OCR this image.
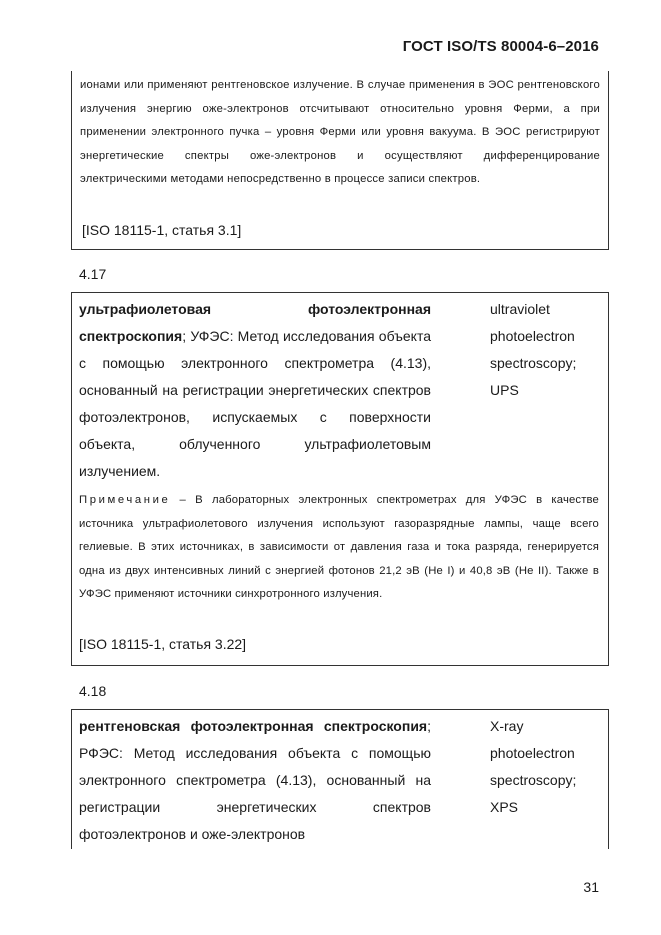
ГОСТ ISO/TS 80004-6–2016
ионами или применяют рентгеновское излучение. В случае применения в ЭОС рентгеновского излучения энергию оже-электронов отсчитывают относительно уровня Ферми, а при применении электронного пучка – уровня Ферми или уровня вакуума. В ЭОС регистрируют энергетические спектры оже-электронов и осуществляют дифференцирование электрическими методами непосредственно в процессе записи спектров.
[ISO 18115-1, статья 3.1]
4.17
ультрафиолетовая фотоэлектронная спектроскопия; УФЭС: Метод исследования объекта с помощью электронного спектрометра (4.13), основанный на регистрации энергетических спектров фотоэлектронов, испускаемых с поверхности объекта, облученного ультрафиолетовым излучением.
ultraviolet
photoelectron
spectroscopy;
UPS
Примечание – В лабораторных электронных спектрометрах для УФЭС в качестве источника ультрафиолетового излучения используют газоразрядные лампы, чаще всего гелиевые. В этих источниках, в зависимости от давления газа и тока разряда, генерируется одна из двух интенсивных линий с энергией фотонов 21,2 эВ (He I) и 40,8 эВ (He II). Также в УФЭС применяют источники синхротронного излучения.
[ISO 18115-1, статья 3.22]
4.18
рентгеновская фотоэлектронная спектроскопия; РФЭС: Метод исследования объекта с помощью электронного спектрометра (4.13), основанный на регистрации энергетических спектров фотоэлектронов и оже-электронов
X-ray
photoelectron
spectroscopy;
XPS
31
